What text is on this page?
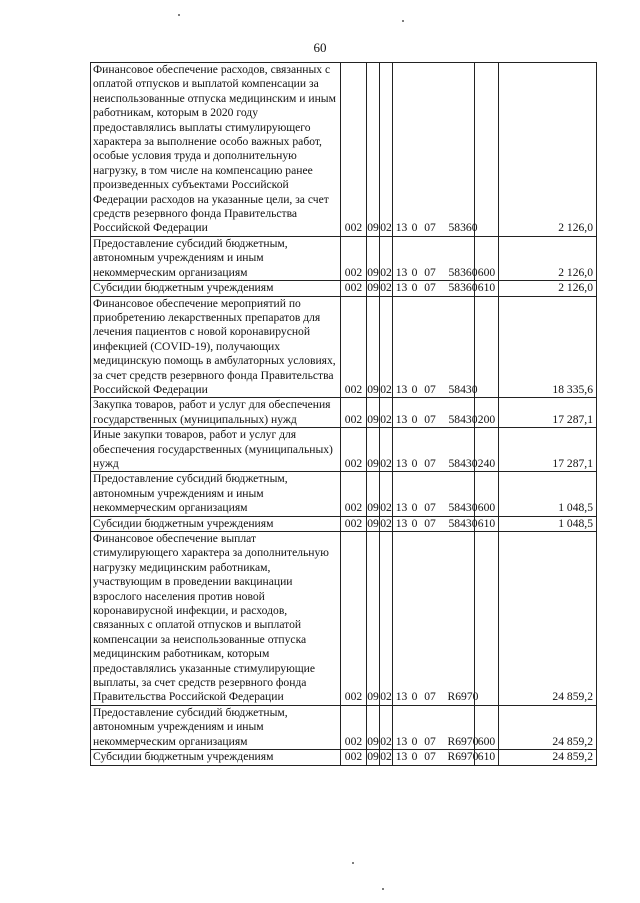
60
Финансовое обеспечение расходов, связанных с оплатой отпусков и выплатой компенсации за неиспользованные отпуска медицинским и иным работникам, которым в 2020 году предоставлялись выплаты стимулирующего характера за выполнение особо важных работ, особые условия труда и дополнительную нагрузку, в том числе на компенсацию ранее произведенных субъектами Российской Федерации расходов на указанные цели, за счет средств резервного фонда Правительства Российской Федерации	002	09	02	13 0 07 58360		2 126,0
Предоставление субсидий бюджетным, автономным учреждениям и иным некоммерческим организациям	002	09	02	13 0 07 58360	600	2 126,0
Субсидии бюджетным учреждениям	002	09	02	13 0 07 58360	610	2 126,0
Финансовое обеспечение мероприятий по приобретению лекарственных препаратов для лечения пациентов с новой коронавирусной инфекцией (COVID-19), получающих медицинскую помощь в амбулаторных условиях, за счет средств резервного фонда Правительства Российской Федерации	002	09	02	13 0 07 58430		18 335,6
Закупка товаров, работ и услуг для обеспечения государственных (муниципальных) нужд	002	09	02	13 0 07 58430	200	17 287,1
Иные закупки товаров, работ и услуг для обеспечения государственных (муниципальных) нужд	002	09	02	13 0 07 58430	240	17 287,1
Предоставление субсидий бюджетным, автономным учреждениям и иным некоммерческим организациям	002	09	02	13 0 07 58430	600	1 048,5
Субсидии бюджетным учреждениям	002	09	02	13 0 07 58430	610	1 048,5
Финансовое обеспечение выплат стимулирующего характера за дополнительную нагрузку медицинским работникам, участвующим в проведении вакцинации взрослого населения против новой коронавирусной инфекции, и расходов, связанных с оплатой отпусков и выплатой компенсации за неиспользованные отпуска медицинским работникам, которым предоставлялись указанные стимулирующие выплаты, за счет средств резервного фонда Правительства Российской Федерации	002	09	02	13 0 07 R6970		24 859,2
Предоставление субсидий бюджетным, автономным учреждениям и иным некоммерческим организациям	002	09	02	13 0 07 R6970	600	24 859,2
Субсидии бюджетным учреждениям	002	09	02	13 0 07 R6970	610	24 859,2
